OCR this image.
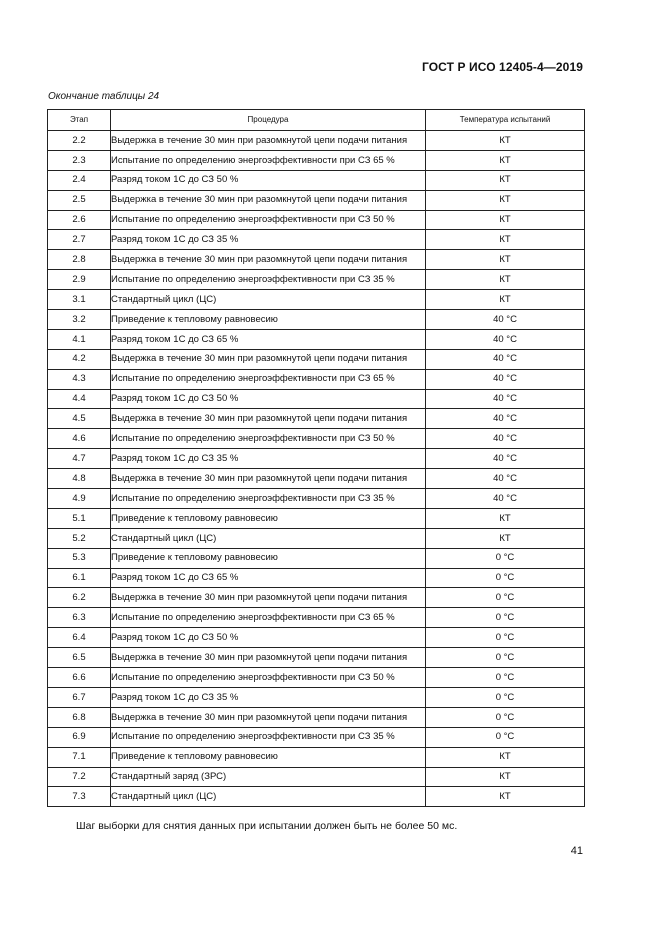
ГОСТ Р ИСО 12405-4—2019
Окончание таблицы 24
Этап	Процедура	Температура испытаний
2.2	Выдержка в течение 30 мин при разомкнутой цепи подачи питания	КТ
2.3	Испытание по определению энергоэффективности при СЗ 65 %	КТ
2.4	Разряд током 1С до СЗ 50 %	КТ
2.5	Выдержка в течение 30 мин при разомкнутой цепи подачи питания	КТ
2.6	Испытание по определению энергоэффективности при СЗ 50 %	КТ
2.7	Разряд током 1С до СЗ 35 %	КТ
2.8	Выдержка в течение 30 мин при разомкнутой цепи подачи питания	КТ
2.9	Испытание по определению энергоэффективности при СЗ 35 %	КТ
3.1	Стандартный цикл (ЦС)	КТ
3.2	Приведение к тепловому равновесию	40 °C
4.1	Разряд током 1С до СЗ 65 %	40 °C
4.2	Выдержка в течение 30 мин при разомкнутой цепи подачи питания	40 °C
4.3	Испытание по определению энергоэффективности при СЗ 65 %	40 °C
4.4	Разряд током 1С до СЗ 50 %	40 °C
4.5	Выдержка в течение 30 мин при разомкнутой цепи подачи питания	40 °C
4.6	Испытание по определению энергоэффективности при СЗ 50 %	40 °C
4.7	Разряд током 1С до СЗ 35 %	40 °C
4.8	Выдержка в течение 30 мин при разомкнутой цепи подачи питания	40 °C
4.9	Испытание по определению энергоэффективности при СЗ 35 %	40 °C
5.1	Приведение к тепловому равновесию	КТ
5.2	Стандартный цикл (ЦС)	КТ
5.3	Приведение к тепловому равновесию	0 °C
6.1	Разряд током 1С до СЗ 65 %	0 °C
6.2	Выдержка в течение 30 мин при разомкнутой цепи подачи питания	0 °C
6.3	Испытание по определению энергоэффективности при СЗ 65 %	0 °C
6.4	Разряд током 1С до СЗ 50 %	0 °C
6.5	Выдержка в течение 30 мин при разомкнутой цепи подачи питания	0 °C
6.6	Испытание по определению энергоэффективности при СЗ 50 %	0 °C
6.7	Разряд током 1С до СЗ 35 %	0 °C
6.8	Выдержка в течение 30 мин при разомкнутой цепи подачи питания	0 °C
6.9	Испытание по определению энергоэффективности при СЗ 35 %	0 °C
7.1	Приведение к тепловому равновесию	КТ
7.2	Стандартный заряд (ЗРС)	КТ
7.3	Стандартный цикл (ЦС)	КТ
Шаг выборки для снятия данных при испытании должен быть не более 50 мс.
41
